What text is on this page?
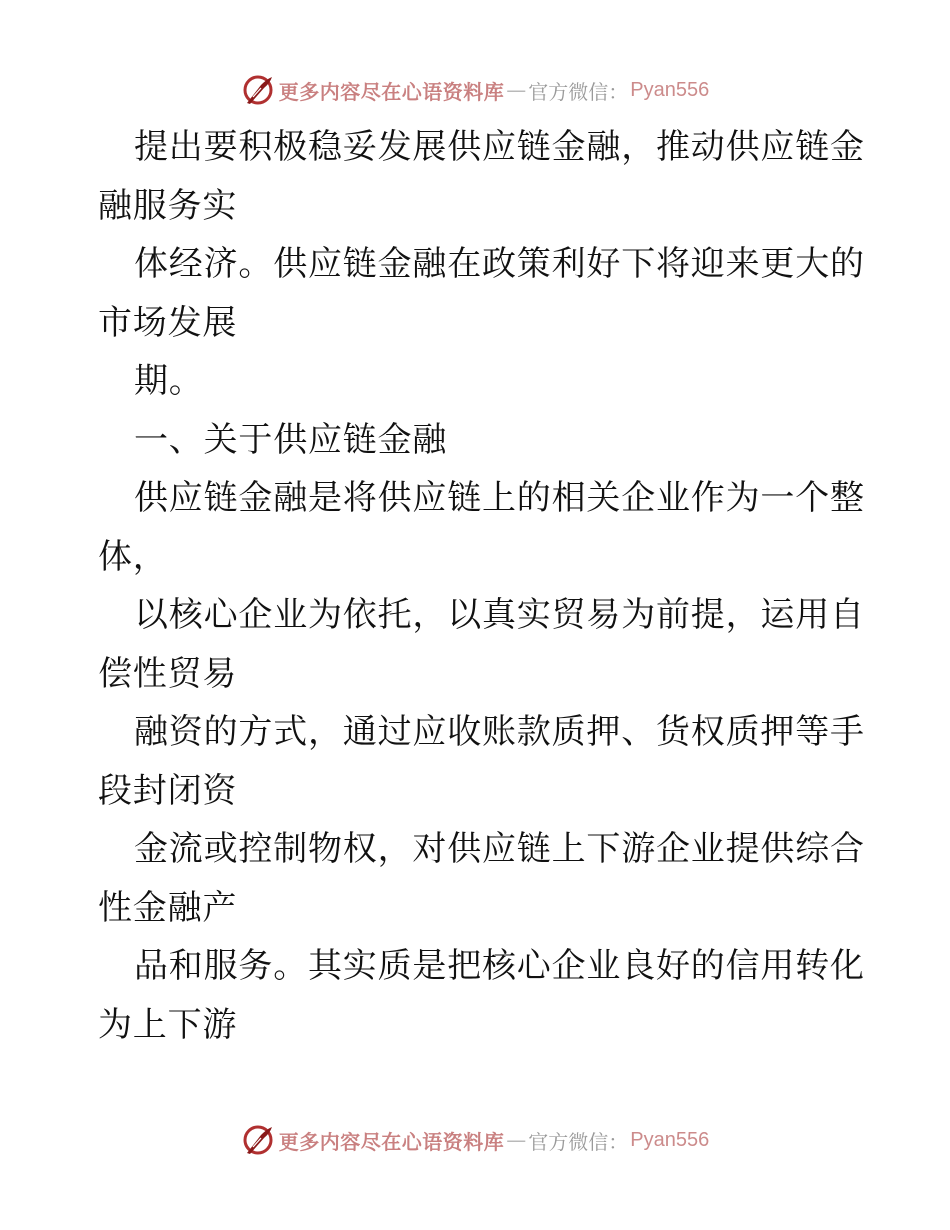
更多内容尽在心语资料库 — 官方微信： Pyan556
提出要积极稳妥发展供应链金融，推动供应链金
融服务实
体经济。供应链金融在政策利好下将迎来更大的
市场发展
期。
一、关于供应链金融
供应链金融是将供应链上的相关企业作为一个整
体，
以核心企业为依托，以真实贸易为前提，运用自
偿性贸易
融资的方式，通过应收账款质押、货权质押等手
段封闭资
金流或控制物权，对供应链上下游企业提供综合
性金融产
品和服务。其实质是把核心企业良好的信用转化
为上下游
更多内容尽在心语资料库 — 官方微信： Pyan556
